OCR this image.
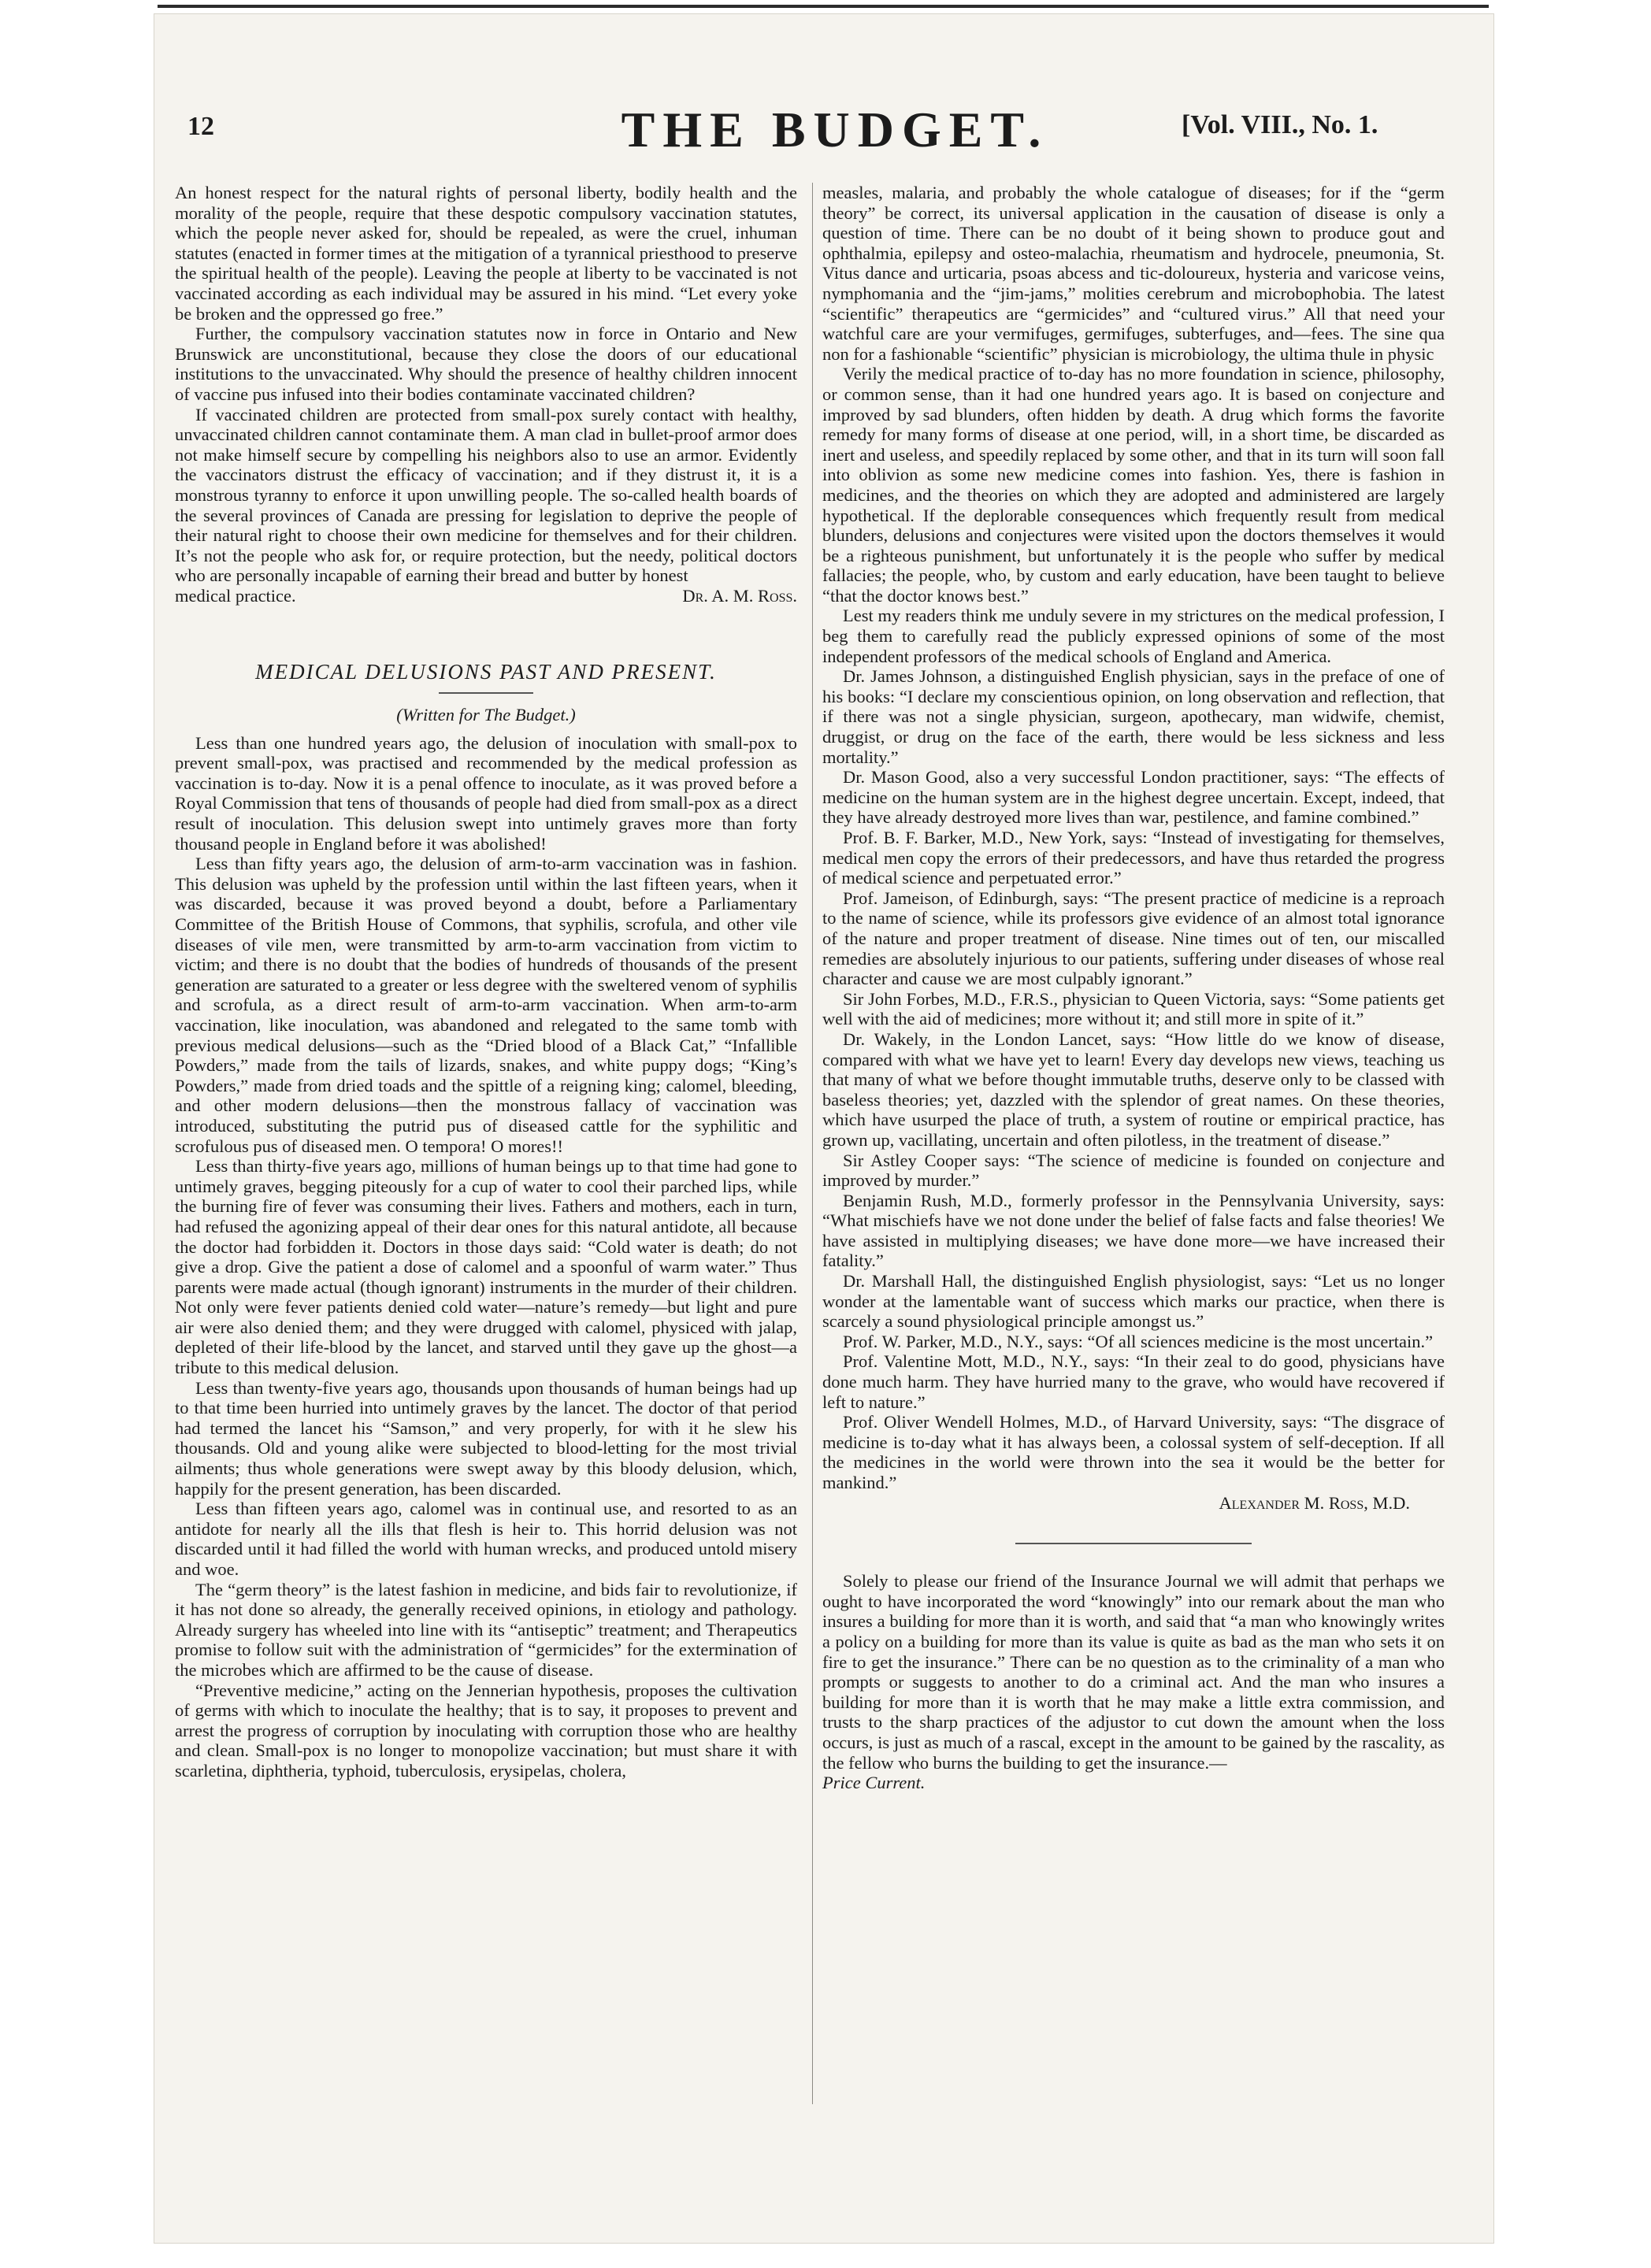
12	THE BUDGET.	[Vol. VIII., No. 1.

An honest respect for the natural rights of personal liberty, bodily health and the morality of the people, require that these despotic compulsory vaccination statutes, which the people never asked for, should be repealed, as were the cruel, inhuman statutes (enacted in former times at the mitigation of a tyrannical priesthood to preserve the spiritual health of the people). Leaving the people at liberty to be vaccinated is not vaccinated according as each individual may be assured in his mind. “Let every yoke be broken and the oppressed go free.”

Further, the compulsory vaccination statutes now in force in Ontario and New Brunswick are unconstitutional, because they close the doors of our educational institutions to the unvaccinated. Why should the presence of healthy children innocent of vaccine pus infused into their bodies contaminate vaccinated children?

If vaccinated children are protected from small-pox surely contact with healthy, unvaccinated children cannot contaminate them. A man clad in bullet-proof armor does not make himself secure by compelling his neighbors also to use an armor. Evidently the vaccinators distrust the efficacy of vaccination; and if they distrust it, it is a monstrous tyranny to enforce it upon unwilling people. The so-called health boards of the several provinces of Canada are pressing for legislation to deprive the people of their natural right to choose their own medicine for themselves and for their children. It’s not the people who ask for, or require protection, but the needy, political doctors who are personally incapable of earning their bread and butter by honest

medical practice.	Dr. A. M. Ross.
MEDICAL DELUSIONS PAST AND PRESENT.
(Written for The Budget.)

Less than one hundred years ago, the delusion of inoculation with small-pox to prevent small-pox, was practised and recommended by the medical profession as vaccination is to-day. Now it is a penal offence to inoculate, as it was proved before a Royal Commission that tens of thousands of people had died from small-pox as a direct result of inoculation. This delusion swept into untimely graves more than forty thousand people in England before it was abolished!

Less than fifty years ago, the delusion of arm-to-arm vaccination was in fashion. This delusion was upheld by the profession until within the last fifteen years, when it was discarded, because it was proved beyond a doubt, before a Parliamentary Committee of the British House of Commons, that syphilis, scrofula, and other vile diseases of vile men, were transmitted by arm-to-arm vaccination from victim to victim; and there is no doubt that the bodies of hundreds of thousands of the present generation are saturated to a greater or less degree with the sweltered venom of syphilis and scrofula, as a direct result of arm-to-arm vaccination. When arm-to-arm vaccination, like inoculation, was abandoned and relegated to the same tomb with previous medical delusions—such as the “Dried blood of a Black Cat,” “Infallible Powders,” made from the tails of lizards, snakes, and white puppy dogs; “King’s Powders,” made from dried toads and the spittle of a reigning king; calomel, bleeding, and other modern delusions—then the monstrous fallacy of vaccination was introduced, substituting the putrid pus of diseased cattle for the syphilitic and scrofulous pus of diseased men. O tempora! O mores!!

Less than thirty-five years ago, millions of human beings up to that time had gone to untimely graves, begging piteously for a cup of water to cool their parched lips, while the burning fire of fever was consuming their lives. Fathers and mothers, each in turn, had refused the agonizing appeal of their dear ones for this natural antidote, all because the doctor had forbidden it. Doctors in those days said: “Cold water is death; do not give a drop. Give the patient a dose of calomel and a spoonful of warm water.” Thus parents were made actual (though ignorant) instruments in the murder of their children. Not only were fever patients denied cold water—nature’s remedy—but light and pure air were also denied them; and they were drugged with calomel, physiced with jalap, depleted of their life-blood by the lancet, and starved until they gave up the ghost—a tribute to this medical delusion.

Less than twenty-five years ago, thousands upon thousands of human beings had up to that time been hurried into untimely graves by the lancet. The doctor of that period had termed the lancet his “Samson,” and very properly, for with it he slew his thousands. Old and young alike were subjected to blood-letting for the most trivial ailments; thus whole generations were swept away by this bloody delusion, which, happily for the present generation, has been discarded.

Less than fifteen years ago, calomel was in continual use, and resorted to as an antidote for nearly all the ills that flesh is heir to. This horrid delusion was not discarded until it had filled the world with human wrecks, and produced untold misery and woe.

The “germ theory” is the latest fashion in medicine, and bids fair to revolutionize, if it has not done so already, the generally received opinions, in etiology and pathology. Already surgery has wheeled into line with its “antiseptic” treatment; and Therapeutics promise to follow suit with the administration of “germicides” for the extermination of the microbes which are affirmed to be the cause of disease.

“Preventive medicine,” acting on the Jennerian hypothesis, proposes the cultivation of germs with which to inoculate the healthy; that is to say, it proposes to prevent and arrest the progress of corruption by inoculating with corruption those who are healthy and clean. Small-pox is no longer to monopolize vaccination; but must share it with scarletina, diphtheria, typhoid, tuberculosis, erysipelas, cholera,

measles, malaria, and probably the whole catalogue of diseases; for if the “germ theory” be correct, its universal application in the causation of disease is only a question of time. There can be no doubt of it being shown to produce gout and ophthalmia, epilepsy and osteo-malachia, rheumatism and hydrocele, pneumonia, St. Vitus dance and urticaria, psoas abcess and tic-doloureux, hysteria and varicose veins, nymphomania and the “jim-jams,” molities cerebrum and microbophobia. The latest “scientific” therapeutics are “germicides” and “cultured virus.” All that need your watchful care are your vermifuges, germifuges, subterfuges, and—fees. The sine qua non for a fashionable “scientific” physician is microbiology, the ultima thule in physic

Verily the medical practice of to-day has no more foundation in science, philosophy, or common sense, than it had one hundred years ago. It is based on conjecture and improved by sad blunders, often hidden by death. A drug which forms the favorite remedy for many forms of disease at one period, will, in a short time, be discarded as inert and useless, and speedily replaced by some other, and that in its turn will soon fall into oblivion as some new medicine comes into fashion. Yes, there is fashion in medicines, and the theories on which they are adopted and administered are largely hypothetical. If the deplorable consequences which frequently result from medical blunders, delusions and conjectures were visited upon the doctors themselves it would be a righteous punishment, but unfortunately it is the people who suffer by medical fallacies; the people, who, by custom and early education, have been taught to believe “that the doctor knows best.”

Lest my readers think me unduly severe in my strictures on the medical profession, I beg them to carefully read the publicly expressed opinions of some of the most independent professors of the medical schools of England and America.

Dr. James Johnson, a distinguished English physician, says in the preface of one of his books: “I declare my conscientious opinion, on long observation and reflection, that if there was not a single physician, surgeon, apothecary, man widwife, chemist, druggist, or drug on the face of the earth, there would be less sickness and less mortality.”

Dr. Mason Good, also a very successful London practitioner, says: “The effects of medicine on the human system are in the highest degree uncertain. Except, indeed, that they have already destroyed more lives than war, pestilence, and famine combined.”

Prof. B. F. Barker, M.D., New York, says: “Instead of investigating for themselves, medical men copy the errors of their predecessors, and have thus retarded the progress of medical science and perpetuated error.”

Prof. Jameison, of Edinburgh, says: “The present practice of medicine is a reproach to the name of science, while its professors give evidence of an almost total ignorance of the nature and proper treatment of disease. Nine times out of ten, our miscalled remedies are absolutely injurious to our patients, suffering under diseases of whose real character and cause we are most culpably ignorant.”

Sir John Forbes, M.D., F.R.S., physician to Queen Victoria, says: “Some patients get well with the aid of medicines; more without it; and still more in spite of it.”

Dr. Wakely, in the London Lancet, says: “How little do we know of disease, compared with what we have yet to learn! Every day develops new views, teaching us that many of what we before thought immutable truths, deserve only to be classed with baseless theories; yet, dazzled with the splendor of great names. On these theories, which have usurped the place of truth, a system of routine or empirical practice, has grown up, vacillating, uncertain and often pilotless, in the treatment of disease.”

Sir Astley Cooper says: “The science of medicine is founded on conjecture and improved by murder.”

Benjamin Rush, M.D., formerly professor in the Pennsylvania University, says: “What mischiefs have we not done under the belief of false facts and false theories! We have assisted in multiplying diseases; we have done more—we have increased their fatality.”

Dr. Marshall Hall, the distinguished English physiologist, says: “Let us no longer wonder at the lamentable want of success which marks our practice, when there is scarcely a sound physiological principle amongst us.”

Prof. W. Parker, M.D., N.Y., says: “Of all sciences medicine is the most uncertain.”

Prof. Valentine Mott, M.D., N.Y., says: “In their zeal to do good, physicians have done much harm. They have hurried many to the grave, who would have recovered if left to nature.”

Prof. Oliver Wendell Holmes, M.D., of Harvard University, says: “The disgrace of medicine is to-day what it has always been, a colossal system of self-deception. If all the medicines in the world were thrown into the sea it would be the better for mankind.”

Alexander M. Ross, M.D.

Solely to please our friend of the Insurance Journal we will admit that perhaps we ought to have incorporated the word “knowingly” into our remark about the man who insures a building for more than it is worth, and said that “a man who knowingly writes a policy on a building for more than its value is quite as bad as the man who sets it on fire to get the insurance.” There can be no question as to the criminality of a man who prompts or suggests to another to do a criminal act. And the man who insures a building for more than it is worth that he may make a little extra commission, and trusts to the sharp practices of the adjustor to cut down the amount when the loss occurs, is just as much of a rascal, except in the amount to be gained by the rascality, as the fellow who burns the building to get the insurance.—

Price Current.
